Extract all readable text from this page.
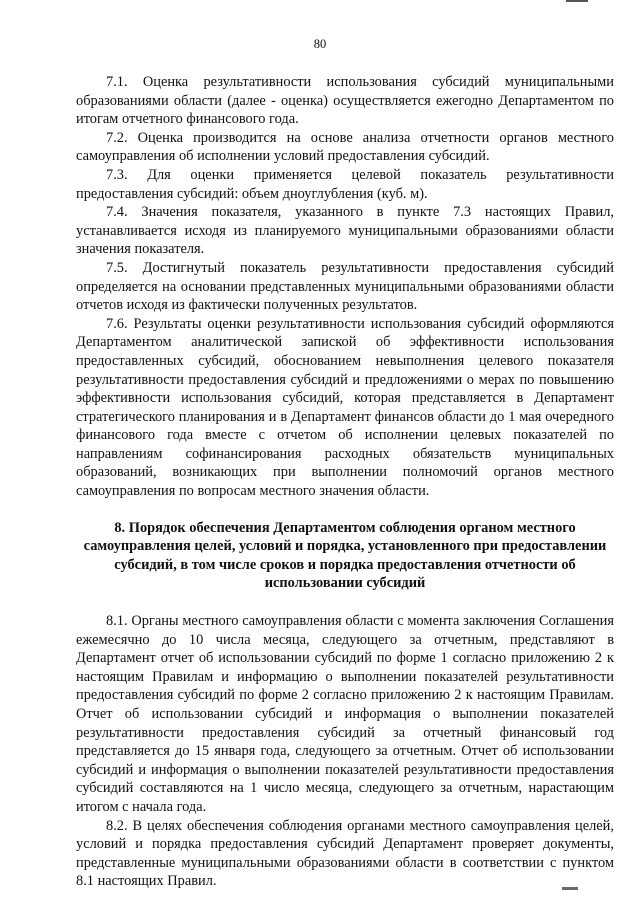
80

7.1. Оценка результативности использования субсидий муниципальными образованиями области (далее - оценка) осуществляется ежегодно Департаментом по итогам отчетного финансового года.

7.2. Оценка производится на основе анализа отчетности органов местного самоуправления об исполнении условий предоставления субсидий.

7.3. Для оценки применяется целевой показатель результативности предоставления субсидий: объем дноуглубления (куб. м).

7.4. Значения показателя, указанного в пункте 7.3 настоящих Правил, устанавливается исходя из планируемого муниципальными образованиями области значения показателя.

7.5. Достигнутый показатель результативности предоставления субсидий определяется на основании представленных муниципальными образованиями области отчетов исходя из фактически полученных результатов.

7.6. Результаты оценки результативности использования субсидий оформляются Департаментом аналитической запиской об эффективности использования предоставленных субсидий, обоснованием невыполнения целевого показателя результативности предоставления субсидий и предложениями о мерах по повышению эффективности использования субсидий, которая представляется в Департамент стратегического планирования и в Департамент финансов области до 1 мая очередного финансового года вместе с отчетом об исполнении целевых показателей по направлениям софинансирования расходных обязательств муниципальных образований, возникающих при выполнении полномочий органов местного самоуправления по вопросам местного значения области.

8. Порядок обеспечения Департаментом соблюдения органом местного самоуправления целей, условий и порядка, установленного при предоставлении субсидий, в том числе сроков и порядка предоставления отчетности об использовании субсидий

8.1. Органы местного самоуправления области с момента заключения Соглашения ежемесячно до 10 числа месяца, следующего за отчетным, представляют в Департамент отчет об использовании субсидий по форме 1 согласно приложению 2 к настоящим Правилам и информацию о выполнении показателей результативности предоставления субсидий по форме 2 согласно приложению 2 к настоящим Правилам. Отчет об использовании субсидий и информация о выполнении показателей результативности предоставления субсидий за отчетный финансовый год представляется до 15 января года, следующего за отчетным. Отчет об использовании субсидий и информация о выполнении показателей результативности предоставления субсидий составляются на 1 число месяца, следующего за отчетным, нарастающим итогом с начала года.

8.2. В целях обеспечения соблюдения органами местного самоуправления целей, условий и порядка предоставления субсидий Департамент проверяет документы, представленные муниципальными образованиями области в соответствии с пунктом 8.1 настоящих Правил.
